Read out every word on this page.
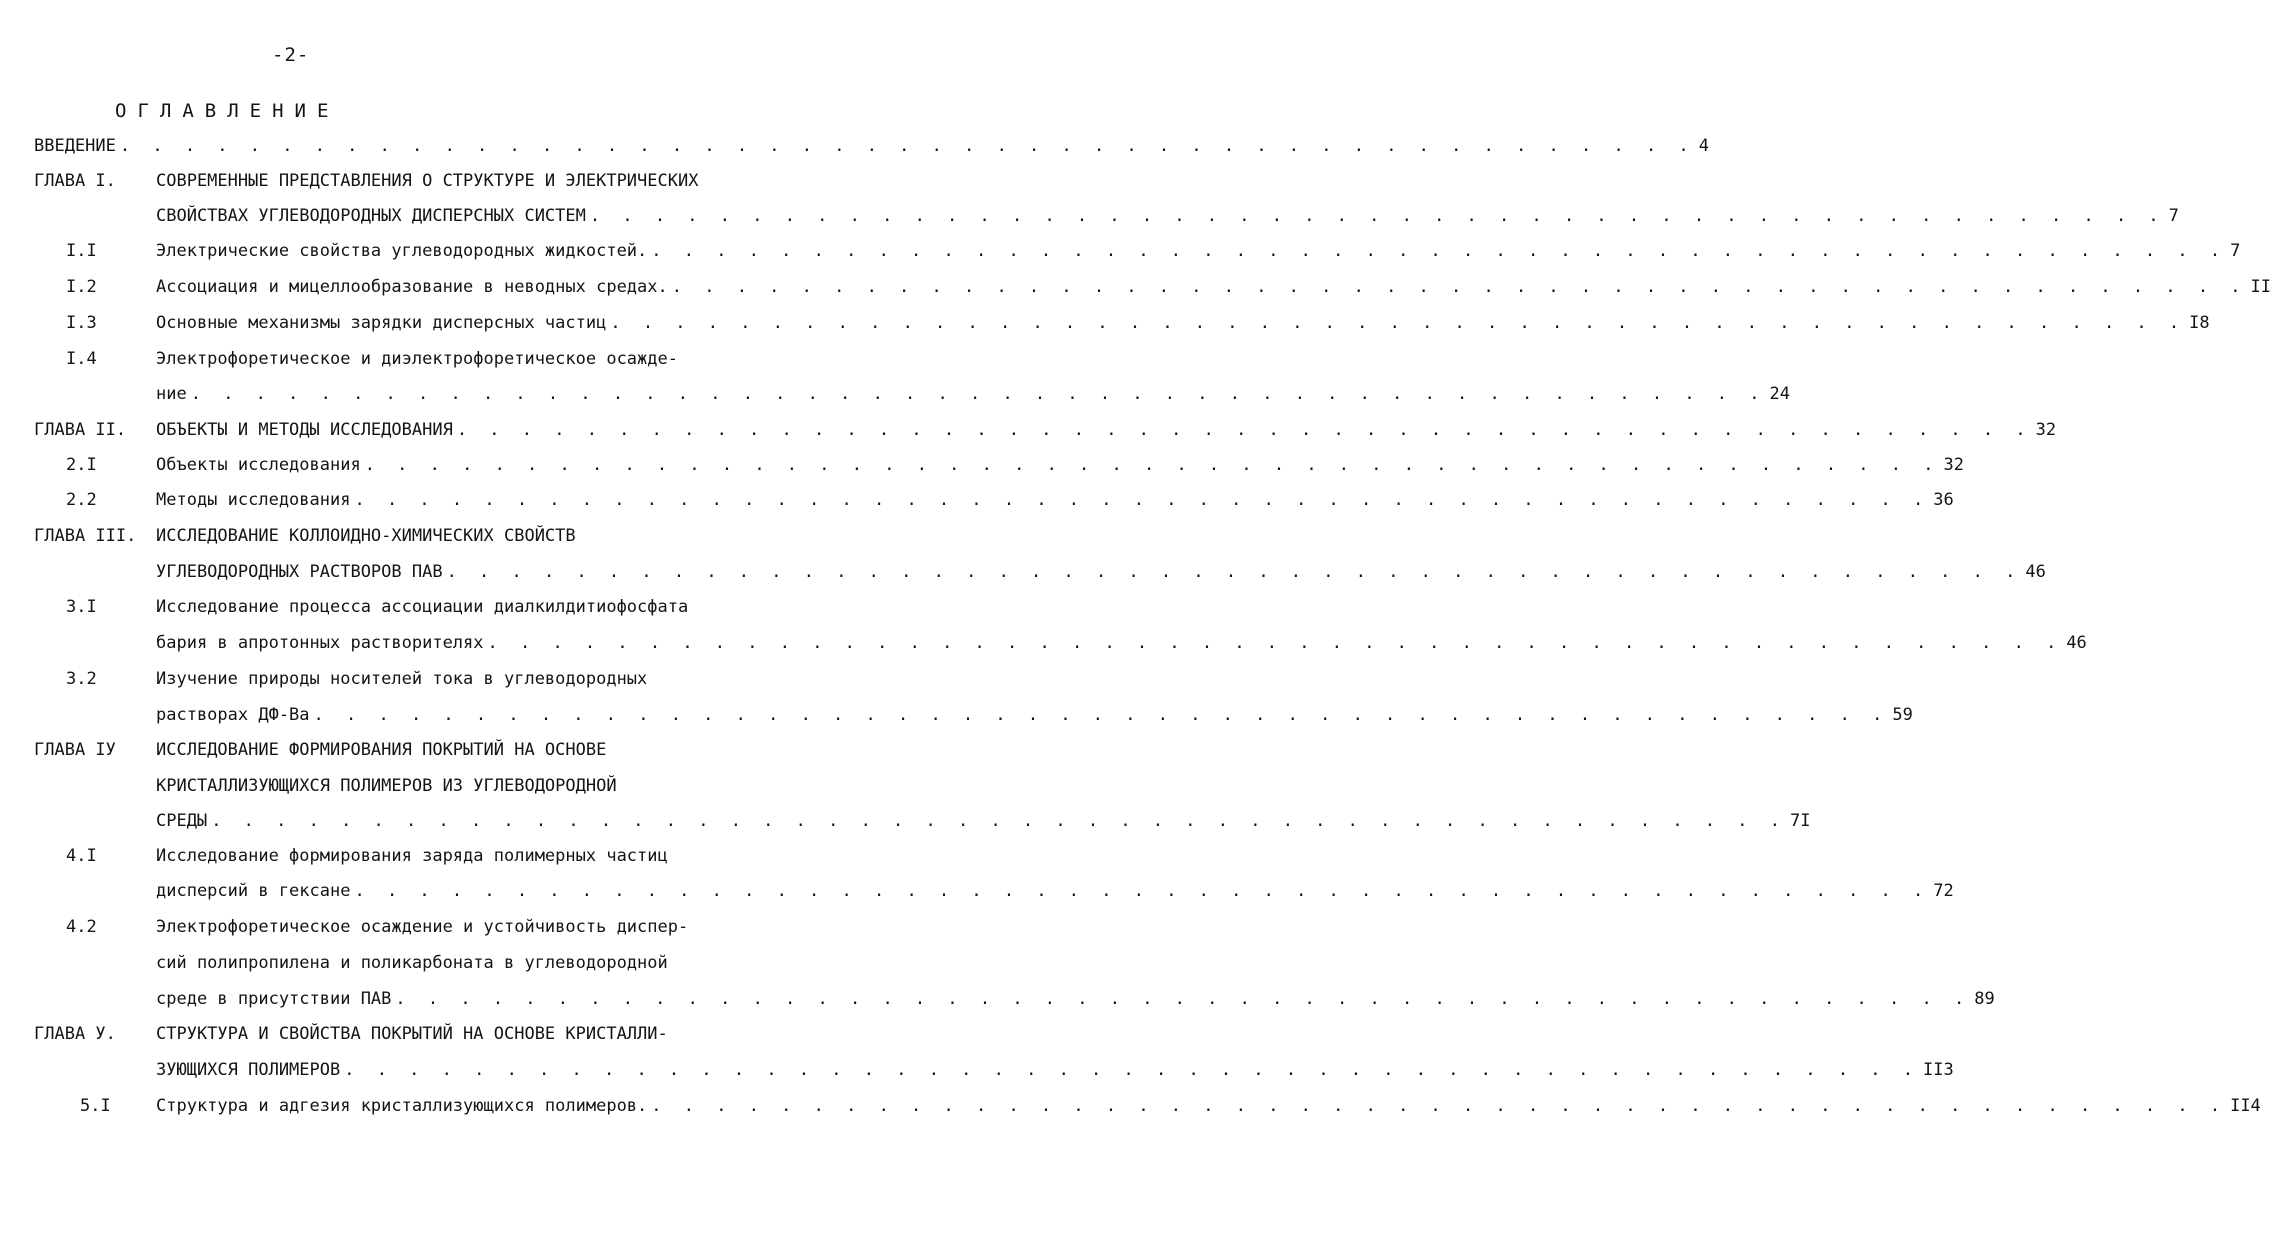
-2-
ОГЛАВЛЕНИЕ
ВВЕДЕНИЕ . . . . . . . . . . . . . . . . . . . . . . . . . . . . . . . . . . . . . . . . . . . . . . . . . 4
ГЛАВА I. СОВРЕМЕННЫЕ ПРЕДСТАВЛЕНИЯ О СТРУКТУРЕ И ЭЛЕКТРИЧЕСКИХ
СВОЙСТВАХ УГЛЕВОДОРОДНЫХ ДИСПЕРСНЫХ СИСТЕМ . . . . . . . . . . . . . . . . . . . . . . . . . . . . . . . . . . . . . . . . . . . . . . . . . 7
I.I	Электрические свойства углеводородных жидкостей. . . . . . . . . . . . . . . . . . . . . . . . . . . . . . . . . . . . . . . . . . . . . . . . . . 7
I.2	Ассоциация и мицеллообразование в неводных средах. . . . . . . . . . . . . . . . . . . . . . . . . . . . . . . . . . . . . . . . . . . . . . . . . . II
I.3	Основные механизмы зарядки дисперсных частиц . . . . . . . . . . . . . . . . . . . . . . . . . . . . . . . . . . . . . . . . . . . . . . . . . I8
I.4	Электрофоретическое и диэлектрофоретическое осажде-
ние . . . . . . . . . . . . . . . . . . . . . . . . . . . . . . . . . . . . . . . . . . . . . . . . . 24
ГЛАВА II. ОБЪЕКТЫ И МЕТОДЫ ИССЛЕДОВАНИЯ . . . . . . . . . . . . . . . . . . . . . . . . . . . . . . . . . . . . . . . . . . . . . . . . . 32
2.I	Объекты исследования . . . . . . . . . . . . . . . . . . . . . . . . . . . . . . . . . . . . . . . . . . . . . . . . . 32
2.2	Методы исследования . . . . . . . . . . . . . . . . . . . . . . . . . . . . . . . . . . . . . . . . . . . . . . . . . 36
ГЛАВА III. ИССЛЕДОВАНИЕ КОЛЛОИДНО-ХИМИЧЕСКИХ СВОЙСТВ
УГЛЕВОДОРОДНЫХ РАСТВОРОВ ПАВ . . . . . . . . . . . . . . . . . . . . . . . . . . . . . . . . . . . . . . . . . . . . . . . . . 46
3.I	Исследование процесса ассоциации диалкилдитиофосфата
бария в апротонных растворителях . . . . . . . . . . . . . . . . . . . . . . . . . . . . . . . . . . . . . . . . . . . . . . . . . 46
3.2	Изучение природы носителей тока в углеводородных
растворах ДФ-Ва . . . . . . . . . . . . . . . . . . . . . . . . . . . . . . . . . . . . . . . . . . . . . . . . . 59
ГЛАВА IУ ИССЛЕДОВАНИЕ ФОРМИРОВАНИЯ ПОКРЫТИЙ НА ОСНОВЕ
КРИСТАЛЛИЗУЮЩИХСЯ ПОЛИМЕРОВ ИЗ УГЛЕВОДОРОДНОЙ
СРЕДЫ . . . . . . . . . . . . . . . . . . . . . . . . . . . . . . . . . . . . . . . . . . . . . . . . . 7I
4.I	Исследование формирования заряда полимерных частиц
дисперсий в гексане . . . . . . . . . . . . . . . . . . . . . . . . . . . . . . . . . . . . . . . . . . . . . . . . . 72
4.2	Электрофоретическое осаждение и устойчивость диспер-
сий полипропилена и поликарбоната в углеводородной
среде в присутствии ПАВ . . . . . . . . . . . . . . . . . . . . . . . . . . . . . . . . . . . . . . . . . . . . . . . . . 89
ГЛАВА У. СТРУКТУРА И СВОЙСТВА ПОКРЫТИЙ НА ОСНОВЕ КРИСТАЛЛИ-
ЗУЮЩИХСЯ ПОЛИМЕРОВ . . . . . . . . . . . . . . . . . . . . . . . . . . . . . . . . . . . . . . . . . . . . . . . . . II3
5.I	Структура и адгезия кристаллизующихся полимеров. . . . . . . . . . . . . . . . . . . . . . . . . . . . . . . . . . . . . . . . . . . . . . . . . . II4
